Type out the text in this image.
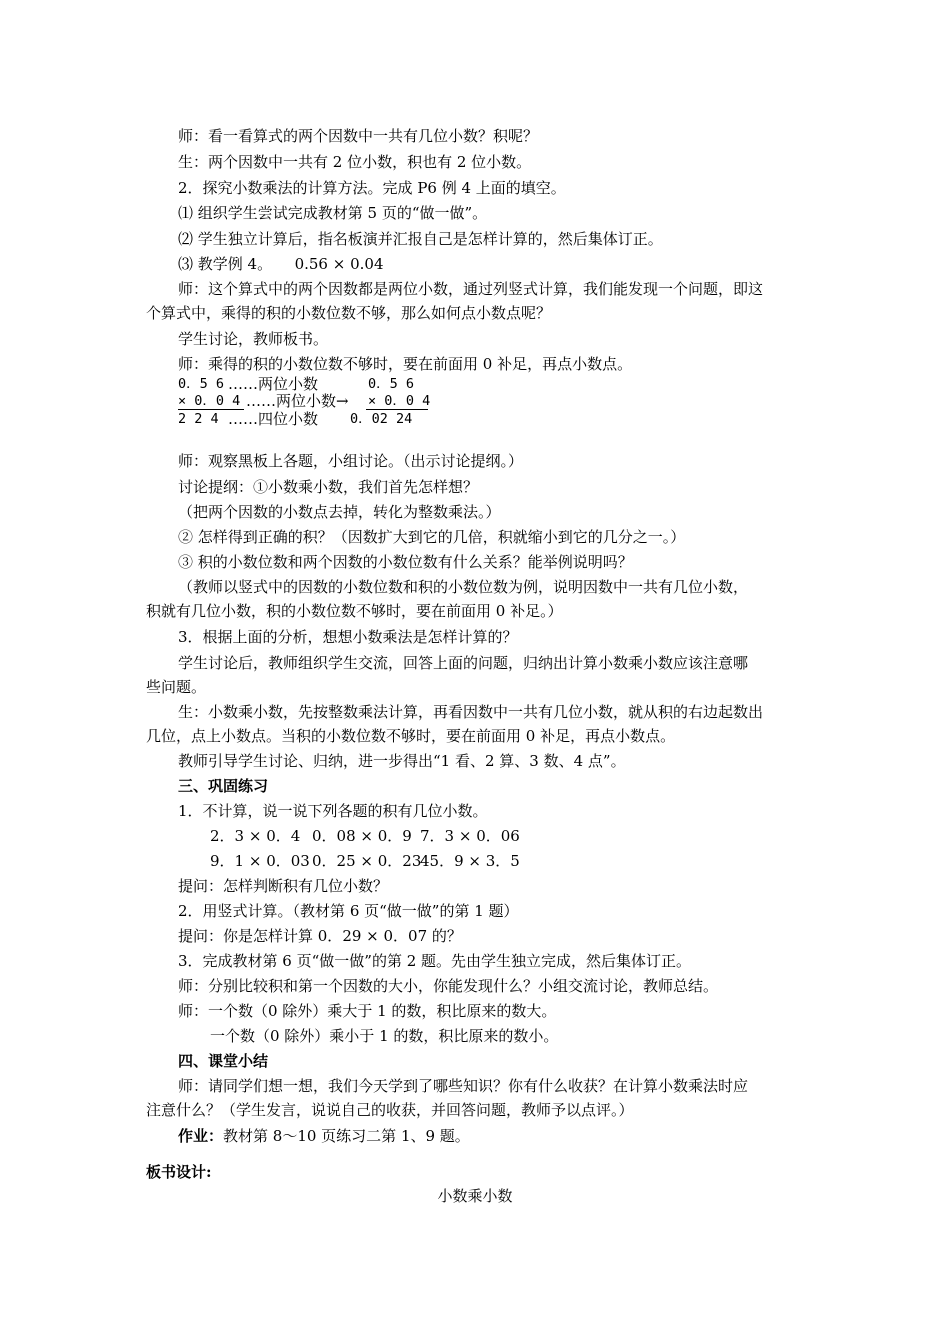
师：看一看算式的两个因数中一共有几位小数？积呢？
生：两个因数中一共有 2 位小数，积也有 2 位小数。
2．探究小数乘法的计算方法。完成 P6 例 4 上面的填空。
⑴ 组织学生尝试完成教材第 5 页的“做一做”。
⑵ 学生独立计算后，指名板演并汇报自己是怎样计算的，然后集体订正。
⑶ 教学例 4。　　0.56 × 0.04
师：这个算式中的两个因数都是两位小数，通过列竖式计算，我们能发现一个问题，即这
个算式中，乘得的积的小数位数不够，那么如何点小数点呢？
学生讨论，教师板书。
师：乘得的积的小数位数不够时，要在前面用 0 补足，再点小数点。
0．5 6 ……两位小数	0．5 6
× 0．0 4 ……两位小数→ × 0．0 4
2 2 4 ……四位小数 0．02 24
师：观察黑板上各题，小组讨论。（出示讨论提纲。）
讨论提纲：①小数乘小数，我们首先怎样想？
（把两个因数的小数点去掉，转化为整数乘法。）
② 怎样得到正确的积？（因数扩大到它的几倍，积就缩小到它的几分之一。）
③ 积的小数位数和两个因数的小数位数有什么关系？能举例说明吗？
（教师以竖式中的因数的小数位数和积的小数位数为例，说明因数中一共有几位小数，
积就有几位小数，积的小数位数不够时，要在前面用 0 补足。）
3．根据上面的分析，想想小数乘法是怎样计算的？
学生讨论后，教师组织学生交流，回答上面的问题，归纳出计算小数乘小数应该注意哪
些问题。
生：小数乘小数，先按整数乘法计算，再看因数中一共有几位小数，就从积的右边起数出
几位，点上小数点。当积的小数位数不够时，要在前面用 0 补足，再点小数点。
教师引导学生讨论、归纳，进一步得出“1 看、2 算、3 数、4 点”。
三、巩固练习
1．不计算，说一说下列各题的积有几位小数。
2．3 × 0．4 0．08 × 0．9 7．3 × 0．06
9．1 × 0．03 0．25 × 0．23
45．9 × 3．5
提问：怎样判断积有几位小数？
2．用竖式计算。（教材第 6 页“做一做”的第 1 题）
提问：你是怎样计算 0．29 × 0．07 的？
3．完成教材第 6 页“做一做”的第 2 题。先由学生独立完成，然后集体订正。
师：分别比较积和第一个因数的大小，你能发现什么？小组交流讨论，教师总结。
师：一个数（0 除外）乘大于 1 的数，积比原来的数大。
一个数（0 除外）乘小于 1 的数，积比原来的数小。
四、课堂小结
师：请同学们想一想，我们今天学到了哪些知识？你有什么收获？在计算小数乘法时应
注意什么？（学生发言，说说自己的收获，并回答问题，教师予以点评。）
作业：教材第 8～10 页练习二第 1、9 题。
板书设计:
小数乘小数
